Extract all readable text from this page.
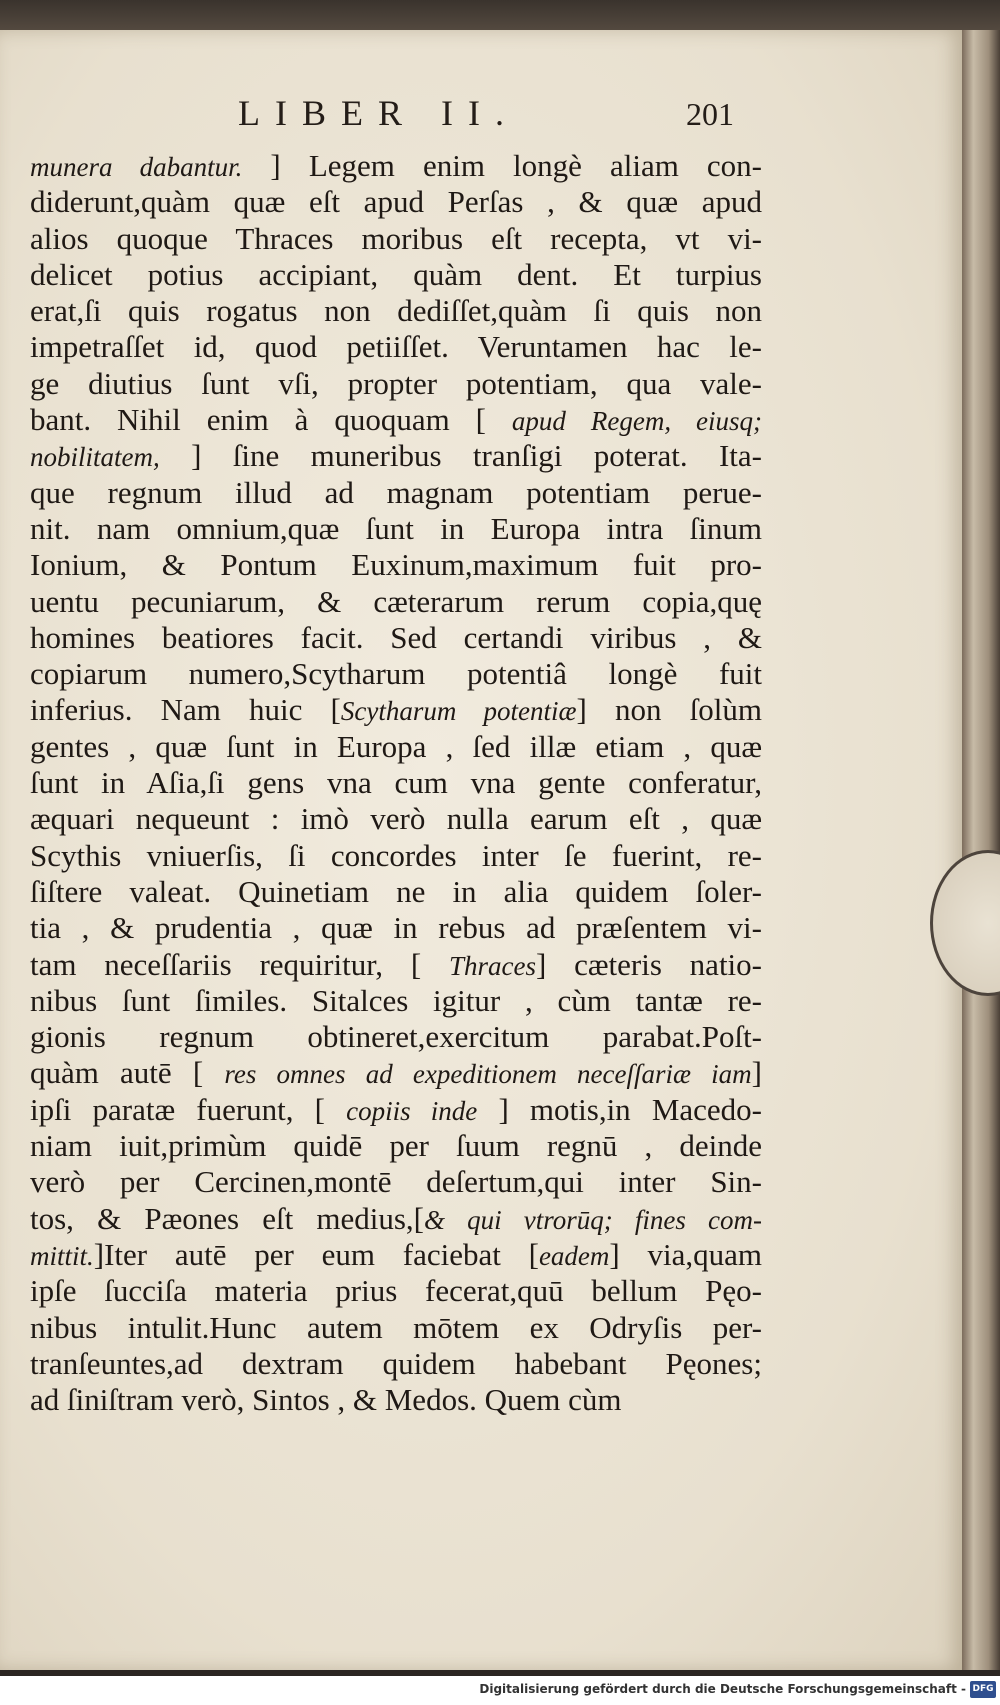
LIBER II.	201
munera dabantur. ] Legem enim longè aliam con-
diderunt,quàm quæ eſt apud Perſas , & quæ apud
alios quoque Thraces moribus eſt recepta, vt vi-
delicet potius accipiant, quàm dent. Et turpius
erat,ſi quis rogatus non dediſſet,quàm ſi quis non
impetraſſet id, quod petiiſſet. Veruntamen hac le-
ge diutius ſunt vſi, propter potentiam, qua vale-
bant. Nihil enim à quoquam [ apud Regem, eiusq;
nobilitatem, ] ſine muneribus tranſigi poterat. Ita-
que regnum illud ad magnam potentiam perue-
nit. nam omnium,quæ ſunt in Europa intra ſinum
Ionium, & Pontum Euxinum,maximum fuit pro-
uentu pecuniarum, & cæterarum rerum copia,quę
homines beatiores facit. Sed certandi viribus , &
copiarum numero,Scytharum potentiâ longè fuit
inferius. Nam huic [Scytharum potentiæ] non ſolùm
gentes , quæ ſunt in Europa , ſed illæ etiam , quæ
ſunt in Aſia,ſi gens vna cum vna gente conferatur,
æquari nequeunt : imò verò nulla earum eſt , quæ
Scythis vniuerſis, ſi concordes inter ſe fuerint, re-
ſiſtere valeat. Quinetiam ne in alia quidem ſoler-
tia , & prudentia , quæ in rebus ad præſentem vi-
tam neceſſariis requiritur, [ Thraces] cæteris natio-
nibus ſunt ſimiles. Sitalces igitur , cùm tantæ re-
gionis regnum obtineret,exercitum parabat.Poſt-
quàm autē [ res omnes ad expeditionem neceſſariæ iam]
ipſi paratæ fuerunt, [ copiis inde ] motis,in Macedo-
niam iuit,primùm quidē per ſuum regnū , deinde
verò per Cercinen,montē deſertum,qui inter Sin-
tos, & Pæones eſt medius,[& qui vtrorūq; fines com-
mittit.]Iter autē per eum faciebat [eadem] via,quam
ipſe ſucciſa materia prius fecerat,quū bellum Pęo-
nibus intulit.Hunc autem mōtem ex Odryſis per-
tranſeuntes,ad dextram quidem habebant Pęones;
ad ſiniſtram verò, Sintos , & Medos. Quem cùm
Digitalisierung gefördert durch die Deutsche Forschungsgemeinschaft - DFG
